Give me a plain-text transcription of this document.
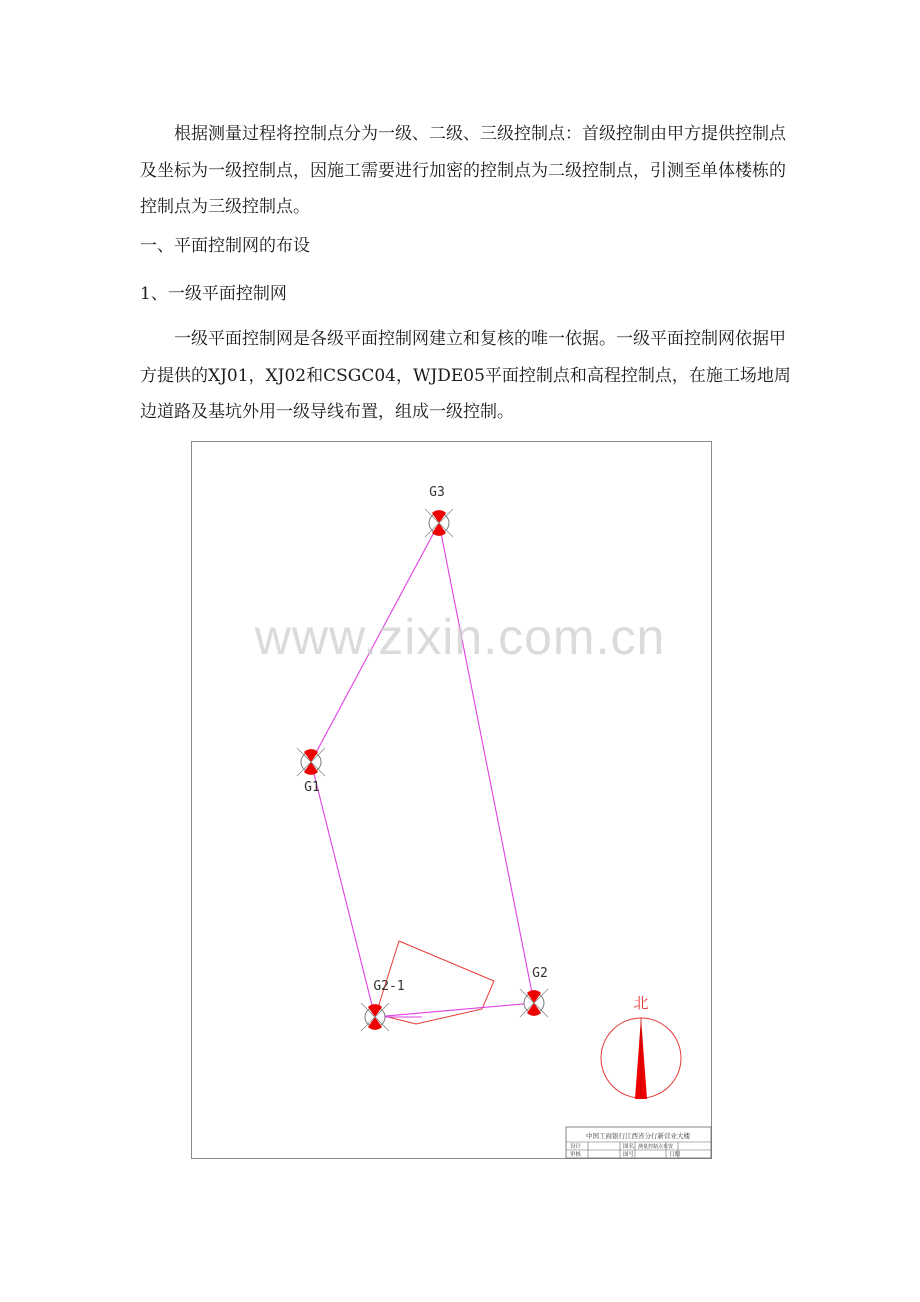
根据测量过程将控制点分为一级、二级、三级控制点：首级控制由甲方提供控制点及坐标为一级控制点，因施工需要进行加密的控制点为二级控制点，引测至单体楼栋的控制点为三级控制点。

一、平面控制网的布设

1、一级平面控制网

一级平面控制网是各级平面控制网建立和复核的唯一依据。一级平面控制网依据甲方提供的XJ01，XJ02和CSGC04，WJDE05平面控制点和高程控制点，在施工场地周边道路及基坑外用一级导线布置，组成一级控制。

G3
G1
G2-1
G2
北
中国工商银行江西省分行新营业大楼
设计
审核
图名 测量控制点布置
图号	日期
www.zixin.com.cn
